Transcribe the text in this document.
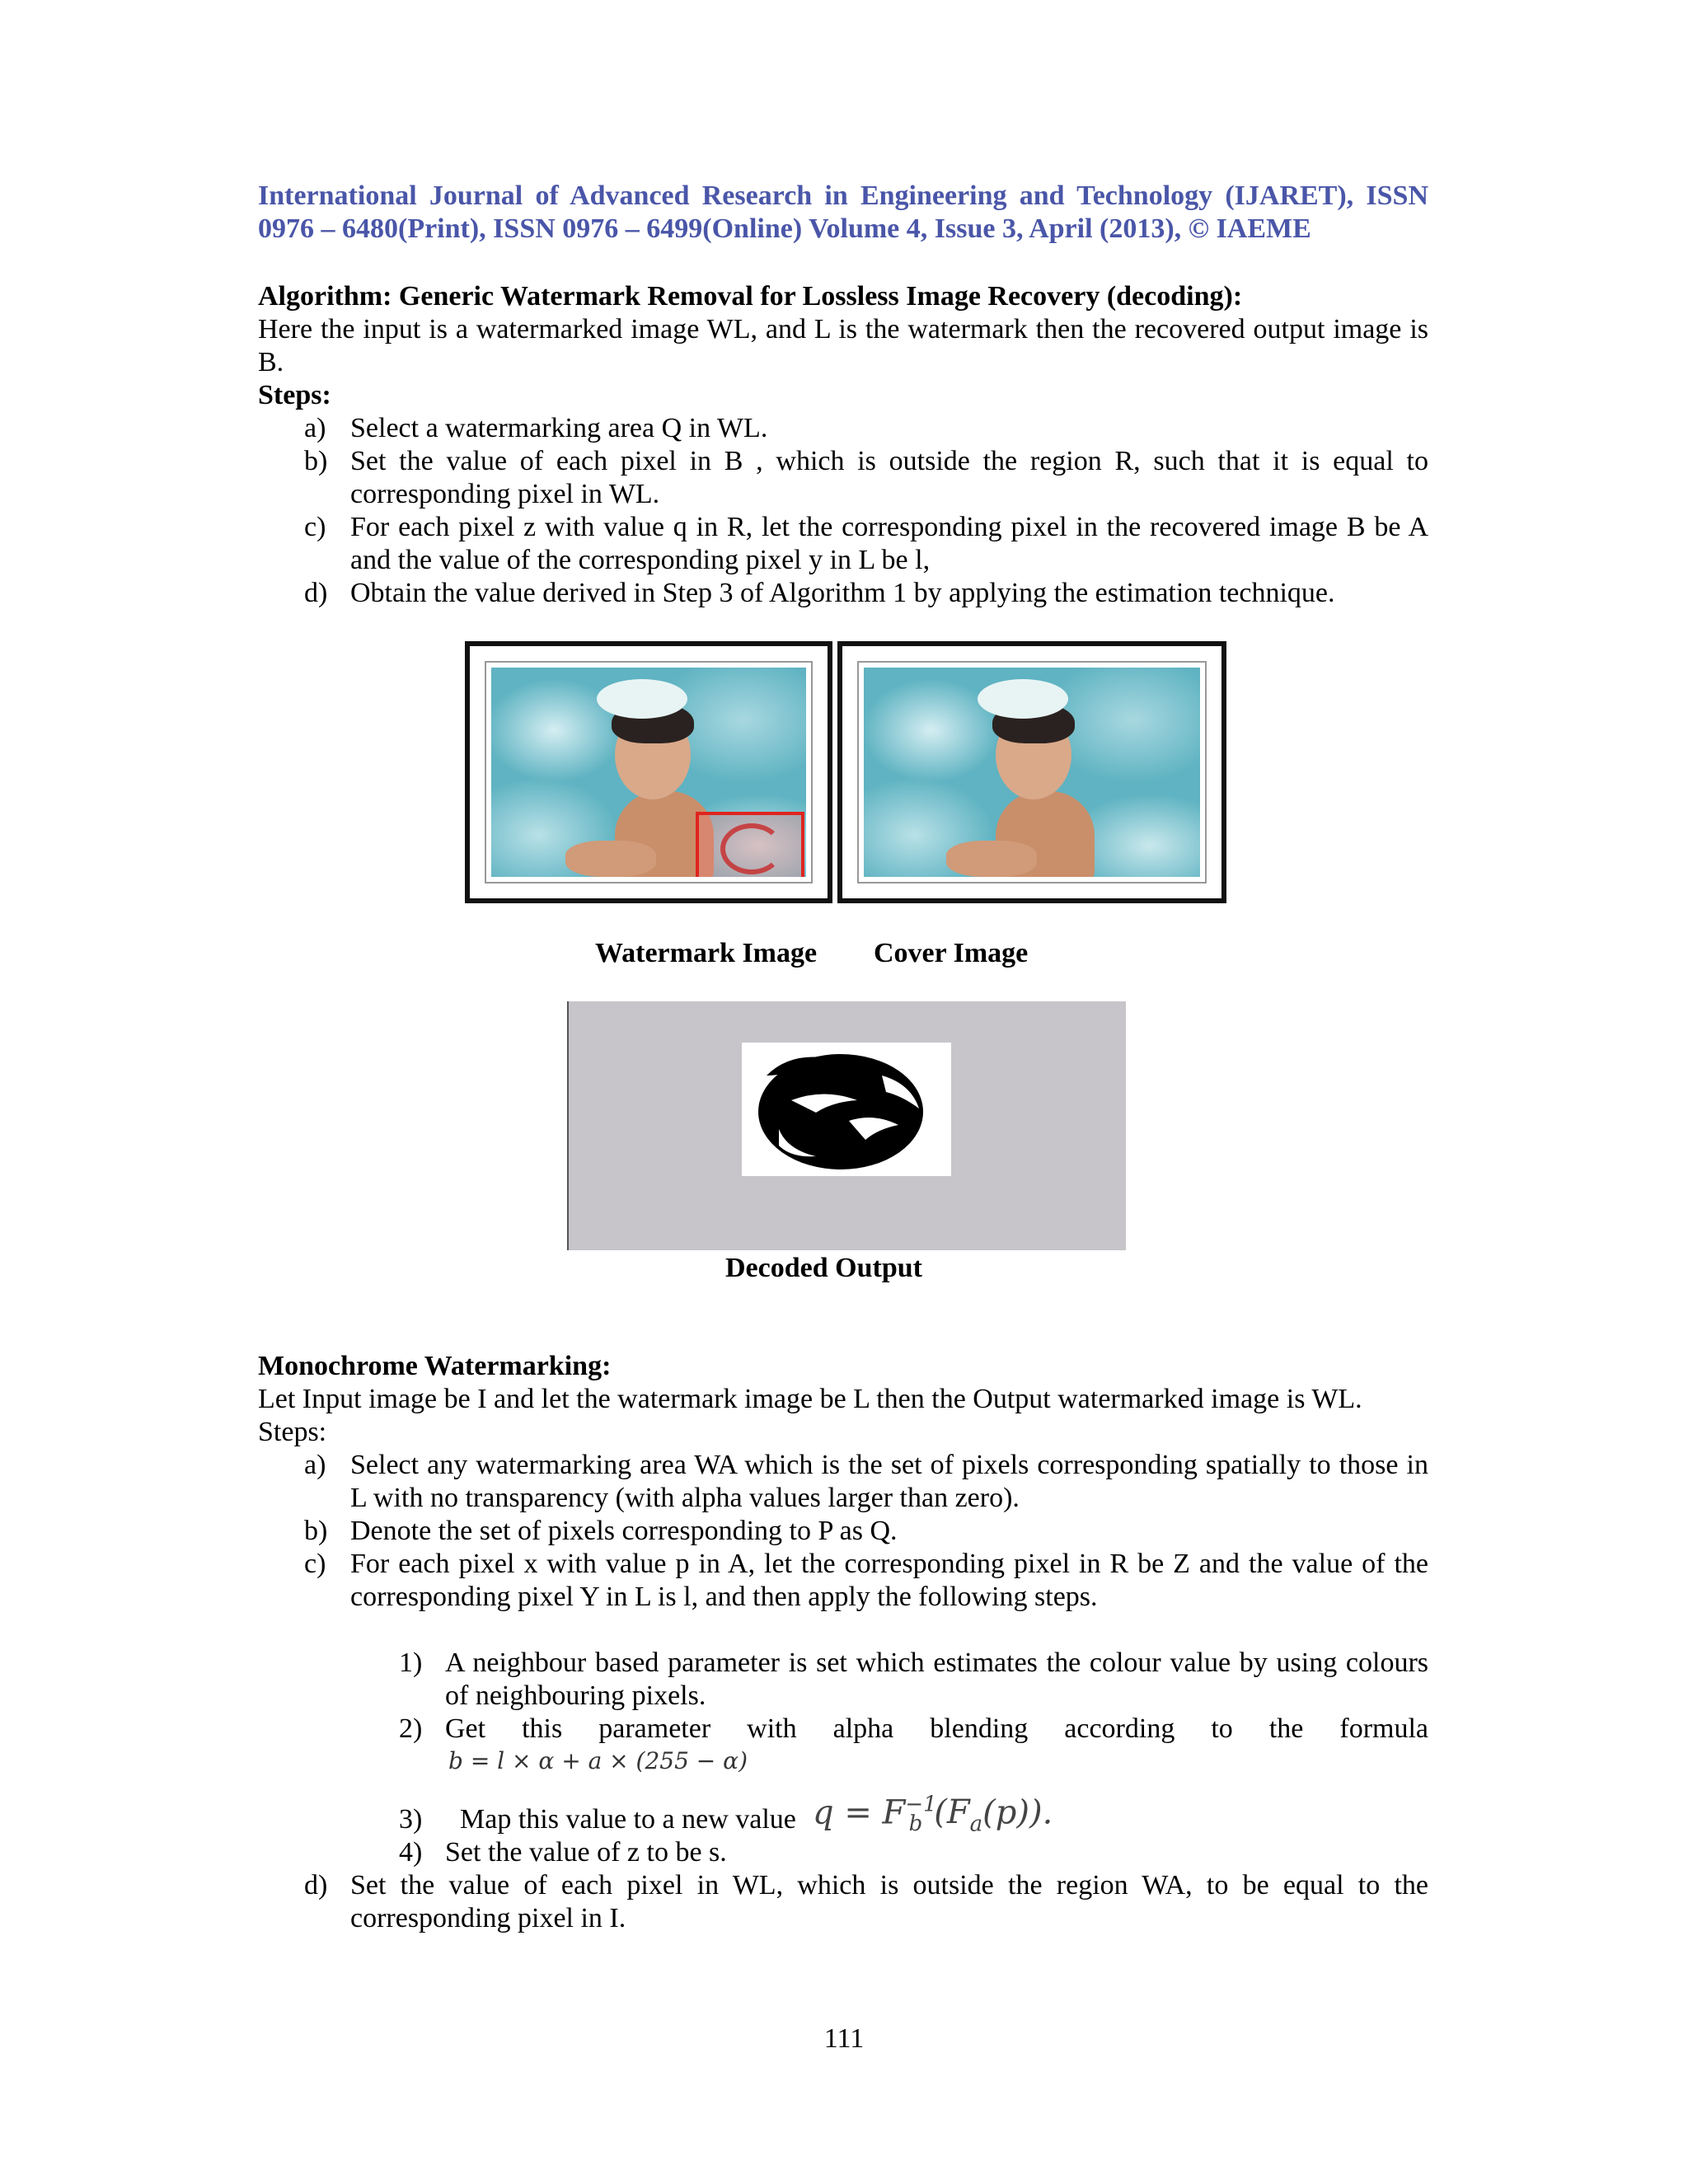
International Journal of Advanced Research in Engineering and Technology (IJARET), ISSN
0976 – 6480(Print), ISSN 0976 – 6499(Online) Volume 4, Issue 3, April (2013), © IAEME
Algorithm: Generic Watermark Removal for Lossless Image Recovery (decoding):
Here the input is a watermarked image WL, and L is the watermark then the recovered output image is B.
Steps:
a) Select a watermarking area Q in WL.
b) Set the value of each pixel in B , which is outside the region R, such that it is equal to corresponding pixel in WL.
c) For each pixel z with value q in R, let the corresponding pixel in the recovered image B be A and the value of the corresponding pixel y in L be l,
d) Obtain the value derived in Step 3 of Algorithm 1 by applying the estimation technique.
Watermark Image Cover Image
Decoded Output
Monochrome Watermarking:
Let Input image be I and let the watermark image be L then the Output watermarked image is WL.
Steps:
a) Select any watermarking area WA which is the set of pixels corresponding spatially to those in L with no transparency (with alpha values larger than zero).
b) Denote the set of pixels corresponding to P as Q.
c) For each pixel x with value p in A, let the corresponding pixel in R be Z and the value of the corresponding pixel Y in L is l, and then apply the following steps.
1) A neighbour based parameter is set which estimates the colour value by using colours of neighbouring pixels.
2) Get this parameter with alpha blending according to the formula
b = l × α + a × (255 − α)
3) Map this value to a new value $q = F^{-1}_b$ $(F_a(p))$.
4) Set the value of z to be s.
d) Set the value of each pixel in WL, which is outside the region WA, to be equal to the corresponding pixel in I.
111
